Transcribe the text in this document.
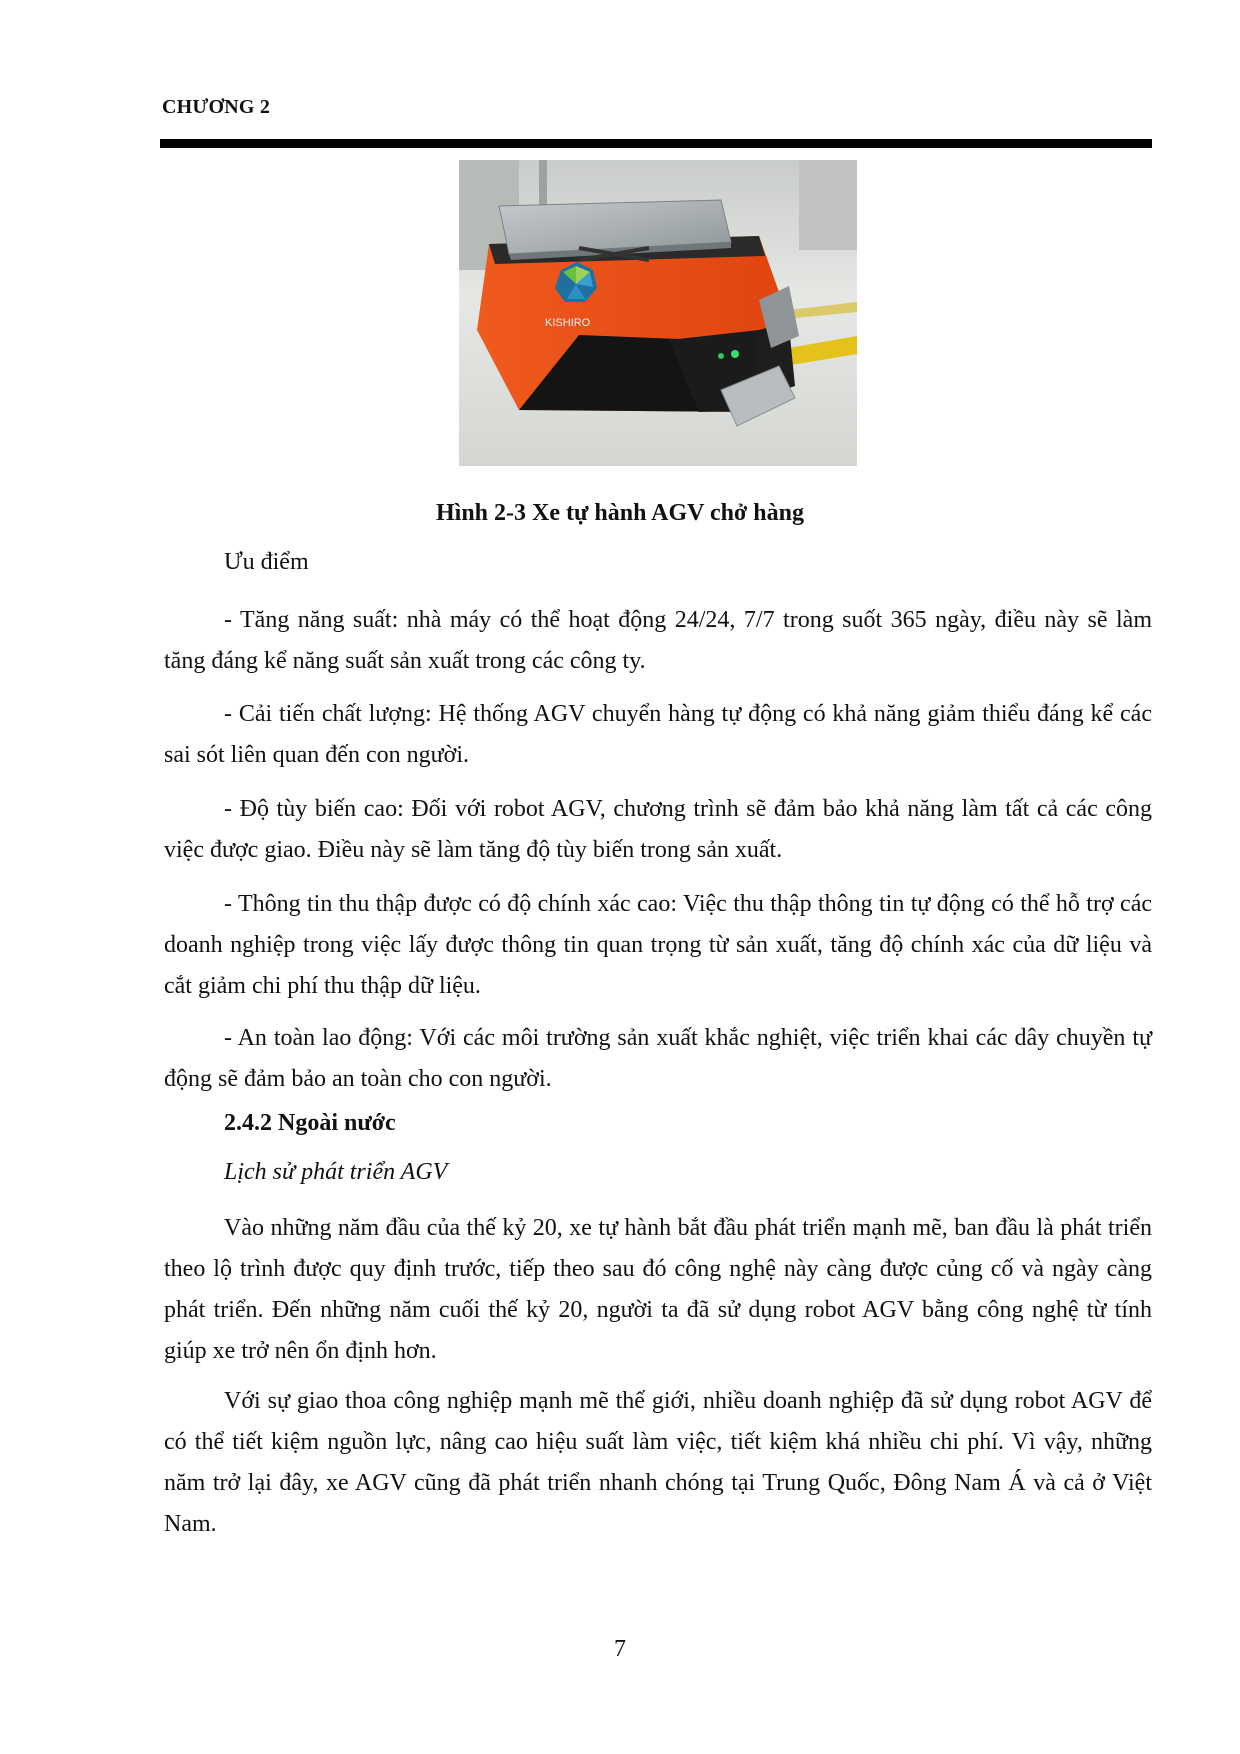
CHƯƠNG 2
KISHIRO
Hình 2-3 Xe tự hành AGV chở hàng
Ưu điểm

- Tăng năng suất: nhà máy có thể hoạt động 24/24, 7/7 trong suốt 365 ngày, điều này sẽ làm tăng đáng kể năng suất sản xuất trong các công ty.

- Cải tiến chất lượng: Hệ thống AGV chuyển hàng tự động có khả năng giảm thiểu đáng kể các sai sót liên quan đến con người.

- Độ tùy biến cao: Đối với robot AGV, chương trình sẽ đảm bảo khả năng làm tất cả các công việc được giao. Điều này sẽ làm tăng độ tùy biến trong sản xuất.

- Thông tin thu thập được có độ chính xác cao: Việc thu thập thông tin tự động có thể hỗ trợ các doanh nghiệp trong việc lấy được thông tin quan trọng từ sản xuất, tăng độ chính xác của dữ liệu và cắt giảm chi phí thu thập dữ liệu.

- An toàn lao động: Với các môi trường sản xuất khắc nghiệt, việc triển khai các dây chuyền tự động sẽ đảm bảo an toàn cho con người.

2.4.2 Ngoài nước
Lịch sử phát triển AGV

Vào những năm đầu của thế kỷ 20, xe tự hành bắt đầu phát triển mạnh mẽ, ban đầu là phát triển theo lộ trình được quy định trước, tiếp theo sau đó công nghệ này càng được củng cố và ngày càng phát triển. Đến những năm cuối thế kỷ 20, người ta đã sử dụng robot AGV bằng công nghệ từ tính giúp xe trở nên ổn định hơn.

Với sự giao thoa công nghiệp mạnh mẽ thế giới, nhiều doanh nghiệp đã sử dụng robot AGV để có thể tiết kiệm nguồn lực, nâng cao hiệu suất làm việc, tiết kiệm khá nhiều chi phí. Vì vậy, những năm trở lại đây, xe AGV cũng đã phát triển nhanh chóng tại Trung Quốc, Đông Nam Á và cả ở Việt Nam.

7
